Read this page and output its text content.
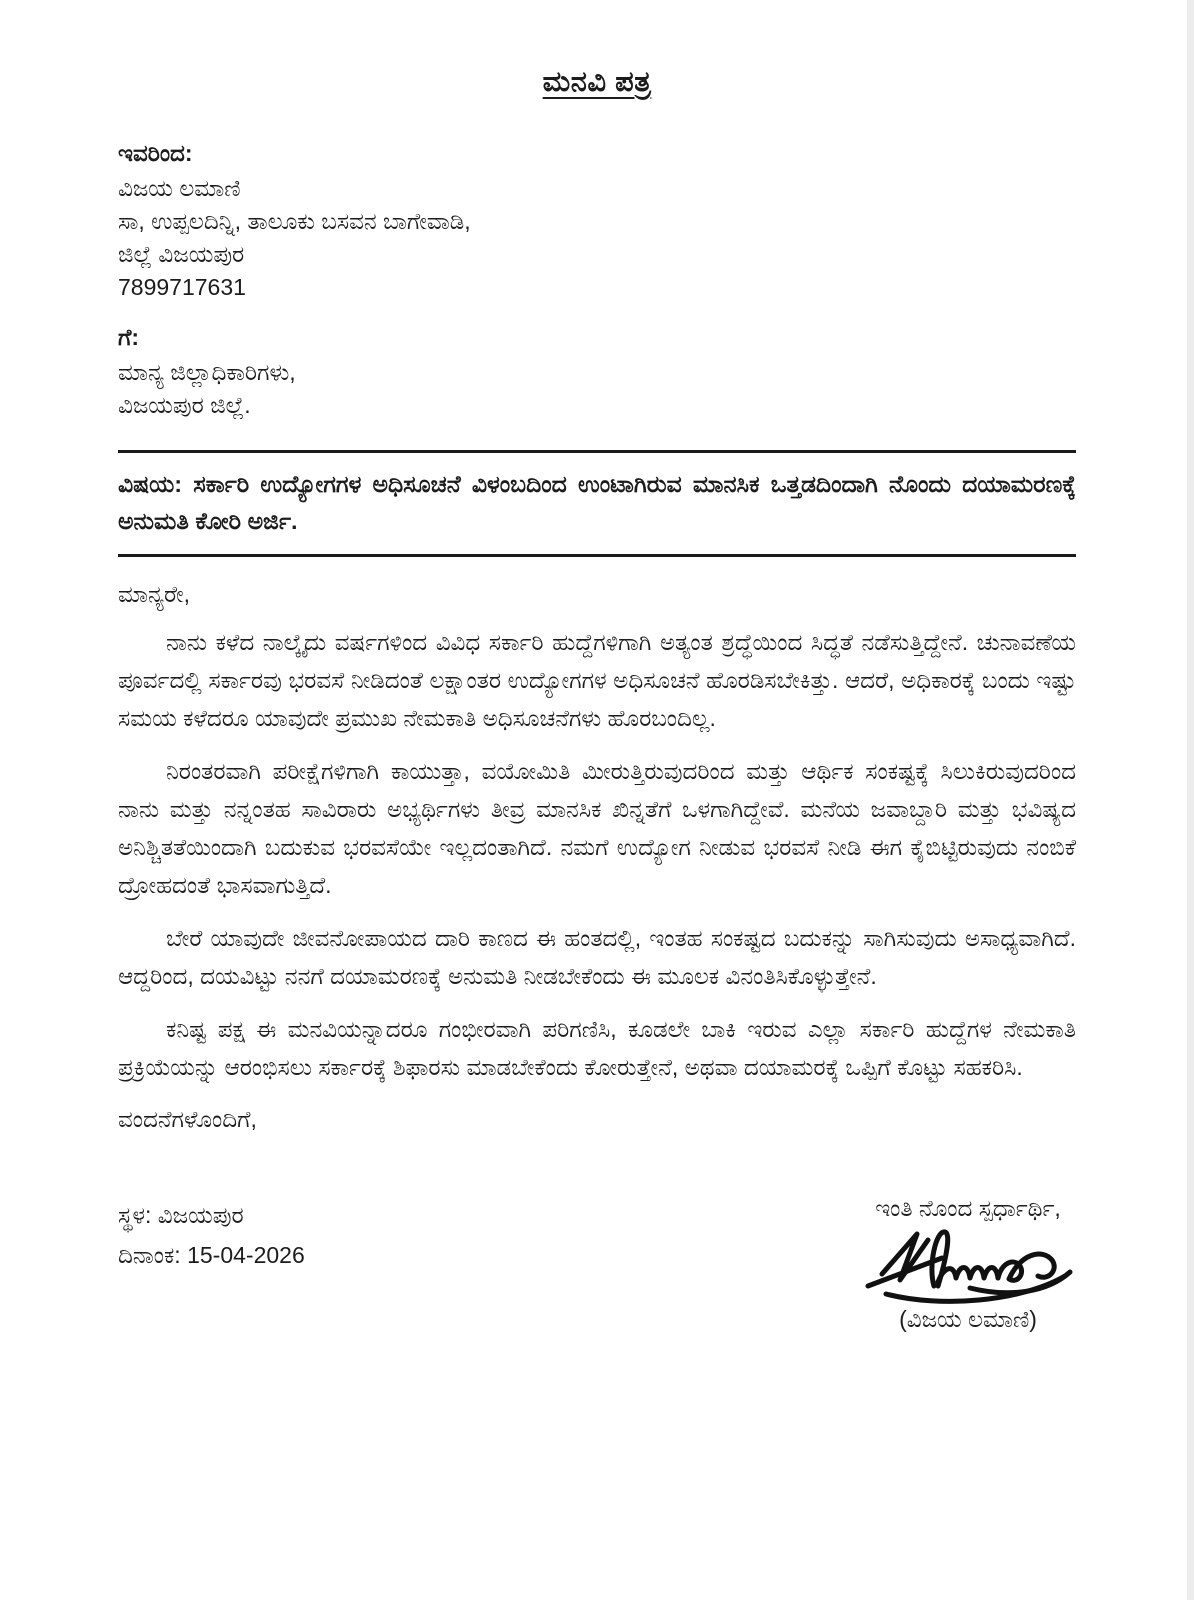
ಮನವಿ ಪತ್ರ
ಇವರಿಂದ:
ವಿಜಯ ಲಮಾಣಿ
ಸಾ, ಉಪ್ಪಲದಿನ್ನಿ, ತಾಲೂಕು ಬಸವನ ಬಾಗೇವಾಡಿ,
ಜಿಲ್ಲೆ ವಿಜಯಪುರ
7899717631
ಗೆ:
ಮಾನ್ಯ ಜಿಲ್ಲಾಧಿಕಾರಿಗಳು,
ವಿಜಯಪುರ ಜಿಲ್ಲೆ.

ವಿಷಯ: ಸರ್ಕಾರಿ ಉದ್ಯೋಗಗಳ ಅಧಿಸೂಚನೆ ವಿಳಂಬದಿಂದ ಉಂಟಾಗಿರುವ ಮಾನಸಿಕ ಒತ್ತಡದಿಂದಾಗಿ ನೊಂದು ದಯಾಮರಣಕ್ಕೆ ಅನುಮತಿ ಕೋರಿ ಅರ್ಜಿ.

ಮಾನ್ಯರೇ,

ನಾನು ಕಳೆದ ನಾಲ್ಕೈದು ವರ್ಷಗಳಿಂದ ವಿವಿಧ ಸರ್ಕಾರಿ ಹುದ್ದೆಗಳಿಗಾಗಿ ಅತ್ಯಂತ ಶ್ರದ್ಧೆಯಿಂದ ಸಿದ್ಧತೆ ನಡೆಸುತ್ತಿದ್ದೇನೆ. ಚುನಾವಣೆಯ ಪೂರ್ವದಲ್ಲಿ ಸರ್ಕಾರವು ಭರವಸೆ ನೀಡಿದಂತೆ ಲಕ್ಷಾಂತರ ಉದ್ಯೋಗಗಳ ಅಧಿಸೂಚನೆ ಹೊರಡಿಸಬೇಕಿತ್ತು. ಆದರೆ, ಅಧಿಕಾರಕ್ಕೆ ಬಂದು ಇಷ್ಟು ಸಮಯ ಕಳೆದರೂ ಯಾವುದೇ ಪ್ರಮುಖ ನೇಮಕಾತಿ ಅಧಿಸೂಚನೆಗಳು ಹೊರಬಂದಿಲ್ಲ.

ನಿರಂತರವಾಗಿ ಪರೀಕ್ಷೆಗಳಿಗಾಗಿ ಕಾಯುತ್ತಾ, ವಯೋಮಿತಿ ಮೀರುತ್ತಿರುವುದರಿಂದ ಮತ್ತು ಆರ್ಥಿಕ ಸಂಕಷ್ಟಕ್ಕೆ ಸಿಲುಕಿರುವುದರಿಂದ ನಾನು ಮತ್ತು ನನ್ನಂತಹ ಸಾವಿರಾರು ಅಭ್ಯರ್ಥಿಗಳು ತೀವ್ರ ಮಾನಸಿಕ ಖಿನ್ನತೆಗೆ ಒಳಗಾಗಿದ್ದೇವೆ. ಮನೆಯ ಜವಾಬ್ದಾರಿ ಮತ್ತು ಭವಿಷ್ಯದ ಅನಿಶ್ಚಿತತೆಯಿಂದಾಗಿ ಬದುಕುವ ಭರವಸೆಯೇ ಇಲ್ಲದಂತಾಗಿದೆ. ನಮಗೆ ಉದ್ಯೋಗ ನೀಡುವ ಭರವಸೆ ನೀಡಿ ಈಗ ಕೈಬಿಟ್ಟಿರುವುದು ನಂಬಿಕೆ ದ್ರೋಹದಂತೆ ಭಾಸವಾಗುತ್ತಿದೆ.

ಬೇರೆ ಯಾವುದೇ ಜೀವನೋಪಾಯದ ದಾರಿ ಕಾಣದ ಈ ಹಂತದಲ್ಲಿ, ಇಂತಹ ಸಂಕಷ್ಟದ ಬದುಕನ್ನು ಸಾಗಿಸುವುದು ಅಸಾಧ್ಯವಾಗಿದೆ. ಆದ್ದರಿಂದ, ದಯವಿಟ್ಟು ನನಗೆ ದಯಾಮರಣಕ್ಕೆ ಅನುಮತಿ ನೀಡಬೇಕೆಂದು ಈ ಮೂಲಕ ವಿನಂತಿಸಿಕೊಳ್ಳುತ್ತೇನೆ.

ಕನಿಷ್ಟ ಪಕ್ಷ ಈ ಮನವಿಯನ್ನಾದರೂ ಗಂಭೀರವಾಗಿ ಪರಿಗಣಿಸಿ, ಕೂಡಲೇ ಬಾಕಿ ಇರುವ ಎಲ್ಲಾ ಸರ್ಕಾರಿ ಹುದ್ದೆಗಳ ನೇಮಕಾತಿ ಪ್ರಕ್ರಿಯೆಯನ್ನು ಆರಂಭಿಸಲು ಸರ್ಕಾರಕ್ಕೆ ಶಿಫಾರಸು ಮಾಡಬೇಕೆಂದು ಕೋರುತ್ತೇನೆ, ಅಥವಾ ದಯಾಮರಕ್ಕೆ ಒಪ್ಪಿಗೆ ಕೊಟ್ಟು ಸಹಕರಿಸಿ.

ವಂದನೆಗಳೊಂದಿಗೆ,
ಸ್ಥಳ: ವಿಜಯಪುರ
ದಿನಾಂಕ: 15-04-2026
ಇಂತಿ ನೊಂದ ಸ್ಪರ್ಧಾರ್ಥಿ,
(ವಿಜಯ ಲಮಾಣಿ)
